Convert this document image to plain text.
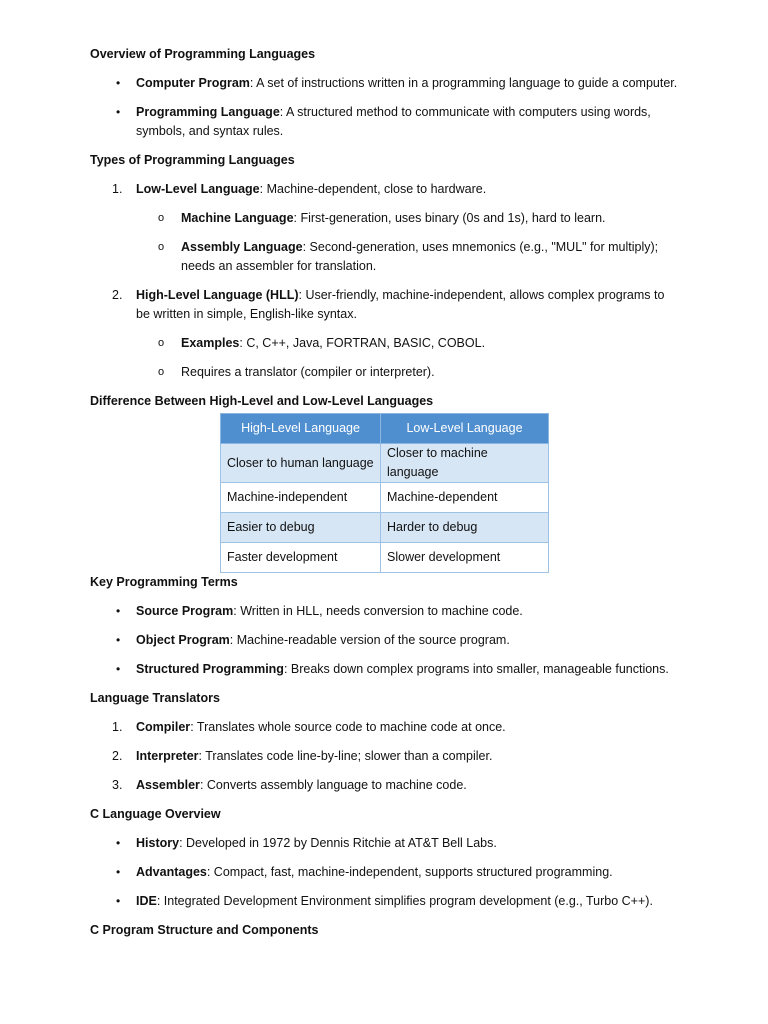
Overview of Programming Languages
• Computer Program: A set of instructions written in a programming language to guide a computer.
• Programming Language: A structured method to communicate with computers using words, symbols, and syntax rules.
Types of Programming Languages
1. Low-Level Language: Machine-dependent, close to hardware.
o Machine Language: First-generation, uses binary (0s and 1s), hard to learn.
o Assembly Language: Second-generation, uses mnemonics (e.g., "MUL" for multiply); needs an assembler for translation.
2. High-Level Language (HLL): User-friendly, machine-independent, allows complex programs to be written in simple, English-like syntax.
o Examples: C, C++, Java, FORTRAN, BASIC, COBOL.
o Requires a translator (compiler or interpreter).
Difference Between High-Level and Low-Level Languages
High-Level Language	Low-Level Language
Closer to human language	Closer to machine language
Machine-independent	Machine-dependent
Easier to debug	Harder to debug
Faster development	Slower development
Key Programming Terms
• Source Program: Written in HLL, needs conversion to machine code.
• Object Program: Machine-readable version of the source program.
• Structured Programming: Breaks down complex programs into smaller, manageable functions.
Language Translators
1. Compiler: Translates whole source code to machine code at once.
2. Interpreter: Translates code line-by-line; slower than a compiler.
3. Assembler: Converts assembly language to machine code.
C Language Overview
• History: Developed in 1972 by Dennis Ritchie at AT&T Bell Labs.
• Advantages: Compact, fast, machine-independent, supports structured programming.
• IDE: Integrated Development Environment simplifies program development (e.g., Turbo C++).
C Program Structure and Components
